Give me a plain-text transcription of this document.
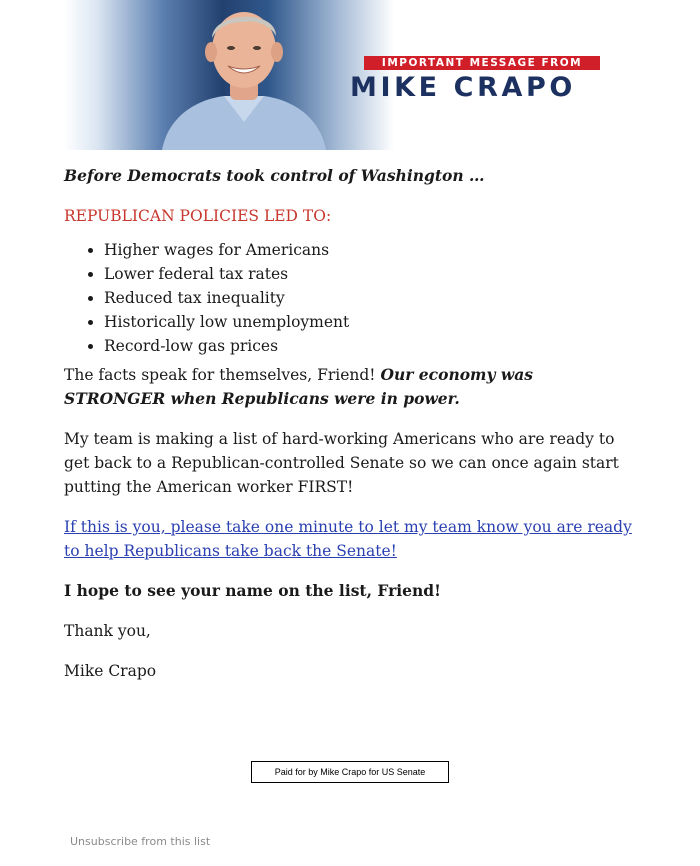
IMPORTANT MESSAGE FROM
MIKE CRAPO

Before Democrats took control of Washington …

REPUBLICAN POLICIES LED TO:

• Higher wages for Americans
• Lower federal tax rates
• Reduced tax inequality
• Historically low unemployment
• Record-low gas prices

The facts speak for themselves, Friend! Our economy was STRONGER when Republicans were in power.

My team is making a list of hard-working Americans who are ready to get back to a Republican-controlled Senate so we can once again start putting the American worker FIRST!

If this is you, please take one minute to let my team know you are ready to help Republicans take back the Senate!

I hope to see your name on the list, Friend!

Thank you,

Mike Crapo

Paid for by Mike Crapo for US Senate
Unsubscribe from this list
